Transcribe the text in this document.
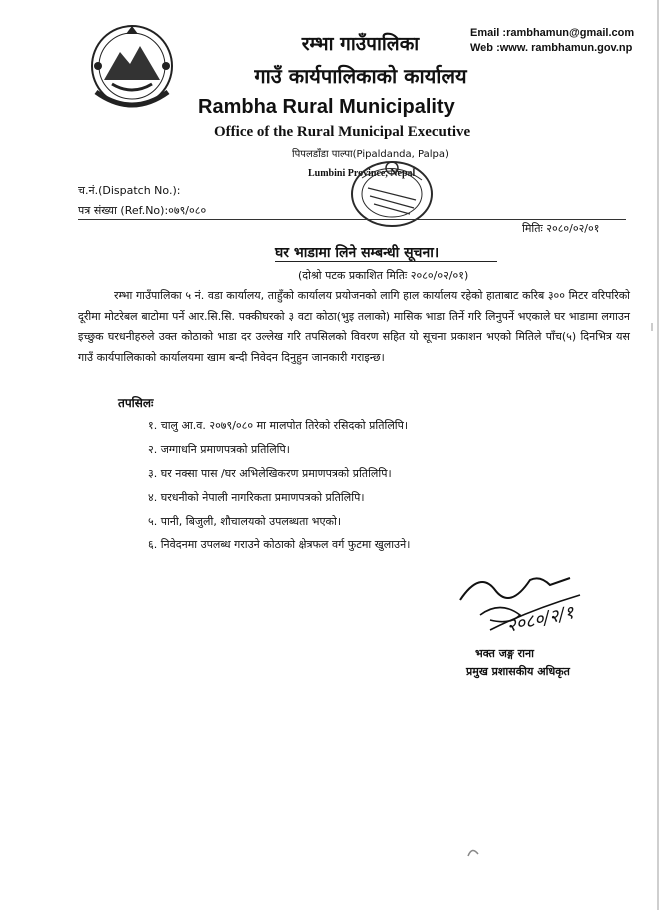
Email :rambhamun@gmail.com
Web :www. rambhamun.gov.np
रम्भा गाउँपालिका
गाउँ कार्यपालिकाको कार्यालय
Rambha Rural Municipality
Office of the Rural Municipal Executive
पिपलडाँडा पाल्पा(Pipaldanda, Palpa)
Lumbini Province, Nepal
च.नं.(Dispatch No.):
पत्र संख्या (Ref.No):०७९/०८०
मितिः २०८०/०२/०१
घर भाडामा लिने सम्बन्धी सूचना।
(दोश्रो पटक प्रकाशित मितिः २०८०/०२/०१)
रम्भा गाउँपालिका ५ नं. वडा कार्यालय, ताहुँको कार्यालय प्रयोजनको लागि हाल कार्यालय रहेको हाताबाट करिब ३०० मिटर वरिपरिको दूरीमा मोटरेबल बाटोमा पर्ने आर.सि.सि. पक्कीघरको ३ वटा कोठा(भुइ तलाको) मासिक भाडा तिर्ने गरि लिनुपर्ने भएकाले घर भाडामा लगाउन इच्छुक घरधनीहरुले उक्त कोठाको भाडा दर उल्लेख गरि तपसिलको विवरण सहित यो सूचना प्रकाशन भएको मितिले पाँच(५) दिनभित्र यस गाउँ कार्यपालिकाको कार्यालयमा खाम बन्दी निवेदन दिनुहुन जानकारी गराइन्छ।
तपसिलः
१. चालु आ.व. २०७९/०८० मा मालपोत तिरेको रसिदको प्रतिलिपि।
२. जग्गाधनि प्रमाणपत्रको प्रतिलिपि।
३. घर नक्सा पास /घर अभिलेखिकरण प्रमाणपत्रको प्रतिलिपि।
४. घरधनीको नेपाली नागरिकता प्रमाणपत्रको प्रतिलिपि।
५. पानी, बिजुली, शौचालयको उपलब्धता भएको।
६. निवेदनमा उपलब्ध गराउने कोठाको क्षेत्रफल वर्ग फुटमा खुलाउने।
२०८०/२/१
भक्त जङ्ग राना
प्रमुख प्रशासकीय अधिकृत
